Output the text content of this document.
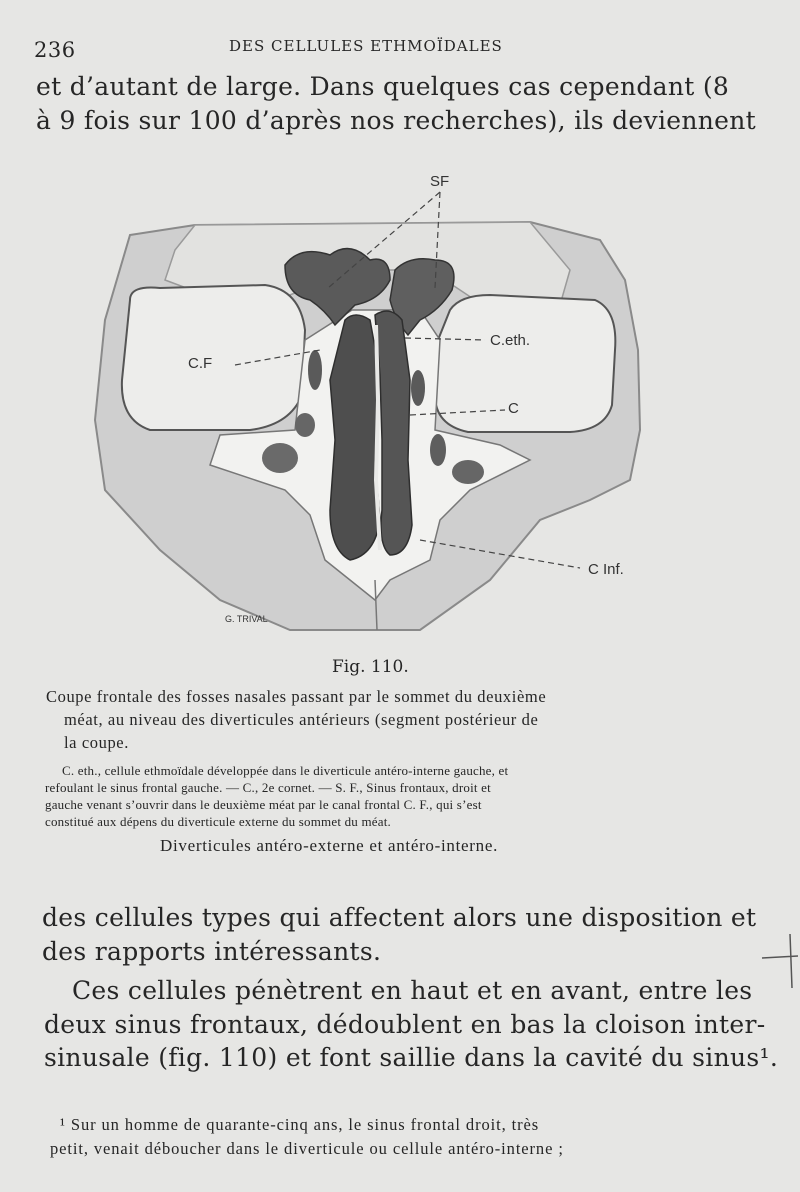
236	DES CELLULES ETHMOÏDALES
et d’autant de large. Dans quelques cas cependant (8
à 9 fois sur 100 d’après nos recherches), ils deviennent
SF
C.eth.
C.F
C
C Inf.
G. TRIVAL
Fig. 110.
Coupe frontale des fosses nasales passant par le sommet du deuxième
méat, au niveau des diverticules antérieurs (segment postérieur de
la coupe.
C. eth., cellule ethmoïdale développée dans le diverticule antéro-interne gauche, et
refoulant le sinus frontal gauche. — C., 2e cornet. — S. F., Sinus frontaux, droit et
gauche venant s’ouvrir dans le deuxième méat par le canal frontal C. F., qui s’est
constitué aux dépens du diverticule externe du sommet du méat.
Diverticules antéro-externe et antéro-interne.
des cellules types qui affectent alors une disposition et
des rapports intéressants.
Ces cellules pénètrent en haut et en avant, entre les
deux sinus frontaux, dédoublent en bas la cloison inter-
sinusale (fig. 110) et font saillie dans la cavité du sinus¹.
¹ Sur un homme de quarante-cinq ans, le sinus frontal droit, très
petit, venait déboucher dans le diverticule ou cellule antéro-interne ;
